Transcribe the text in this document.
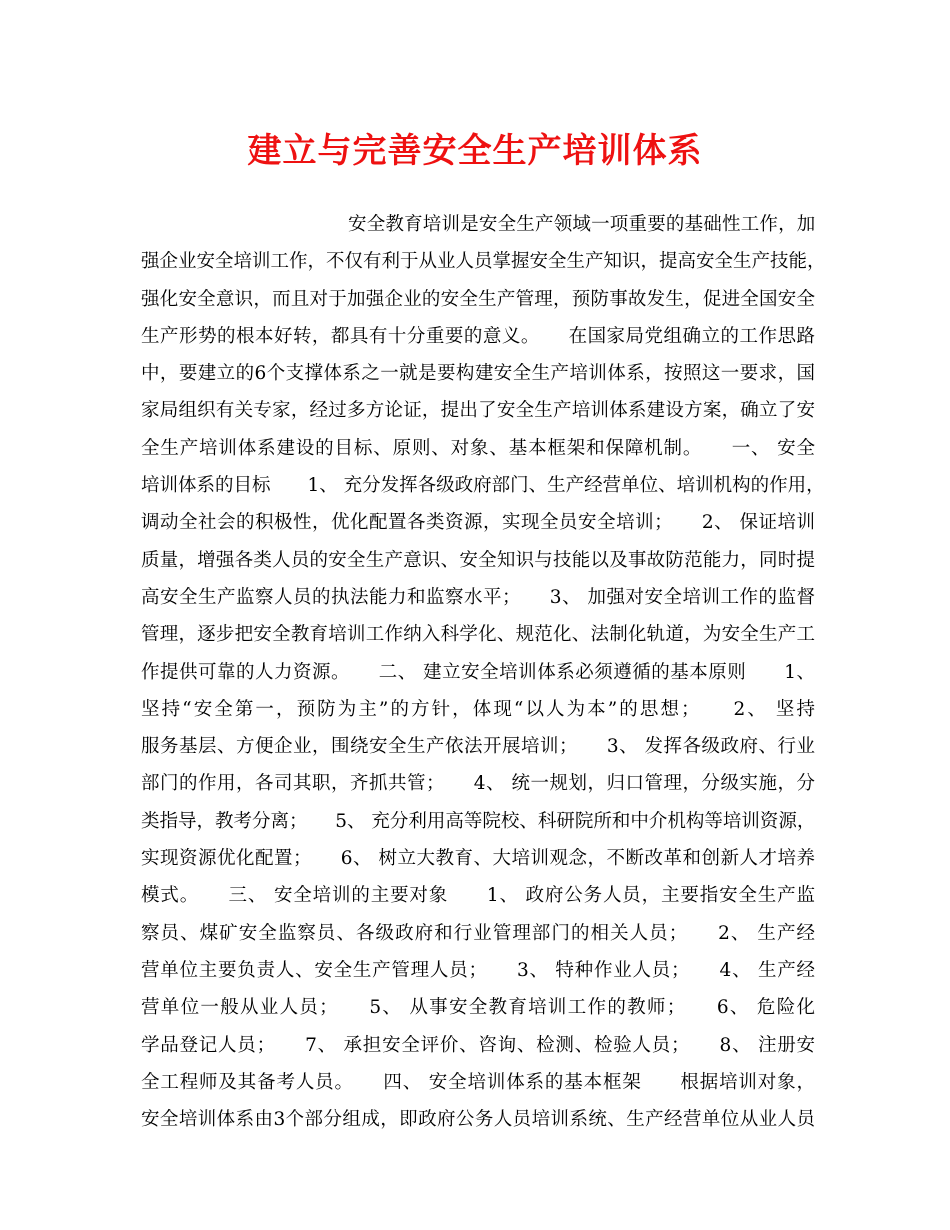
建立与完善安全生产培训体系
安全教育培训是安全生产领域一项重要的基础性工作，加
强企业安全培训工作，不仅有利于从业人员掌握安全生产知识，提高安全生产技能，
强化安全意识，而且对于加强企业的安全生产管理，预防事故发生，促进全国安全
生产形势的根本好转，都具有十分重要的意义。　　在国家局党组确立的工作思路
中，要建立的6个支撑体系之一就是要构建安全生产培训体系，按照这一要求，国
家局组织有关专家，经过多方论证，提出了安全生产培训体系建设方案，确立了安
全生产培训体系建设的目标、原则、对象、基本框架和保障机制。　　一、 安全
培训体系的目标　　1、 充分发挥各级政府部门、生产经营单位、培训机构的作用，
调动全社会的积极性，优化配置各类资源，实现全员安全培训；　　2、 保证培训
质量，增强各类人员的安全生产意识、安全知识与技能以及事故防范能力，同时提
高安全生产监察人员的执法能力和监察水平；　　3、 加强对安全培训工作的监督
管理，逐步把安全教育培训工作纳入科学化、规范化、法制化轨道，为安全生产工
作提供可靠的人力资源。　　二、 建立安全培训体系必须遵循的基本原则　　1、
坚持“安全第一，预防为主”的方针，体现“以人为本”的思想；　　2、 坚持
服务基层、方便企业，围绕安全生产依法开展培训；　　3、 发挥各级政府、行业
部门的作用，各司其职，齐抓共管；　　4、 统一规划，归口管理，分级实施，分
类指导，教考分离；　　5、 充分利用高等院校、科研院所和中介机构等培训资源，
实现资源优化配置；　　6、 树立大教育、大培训观念，不断改革和创新人才培养
模式。　　三、 安全培训的主要对象　　1、 政府公务人员，主要指安全生产监
察员、煤矿安全监察员、各级政府和行业管理部门的相关人员；　　2、 生产经
营单位主要负责人、安全生产管理人员；　　3、 特种作业人员；　　4、 生产经
营单位一般从业人员；　　5、 从事安全教育培训工作的教师；　　6、 危险化
学品登记人员；　　7、 承担安全评价、咨询、检测、检验人员；　　8、 注册安
全工程师及其备考人员。　　四、 安全培训体系的基本框架　　根据培训对象，
安全培训体系由3个部分组成，即政府公务人员培训系统、生产经营单位从业人员
